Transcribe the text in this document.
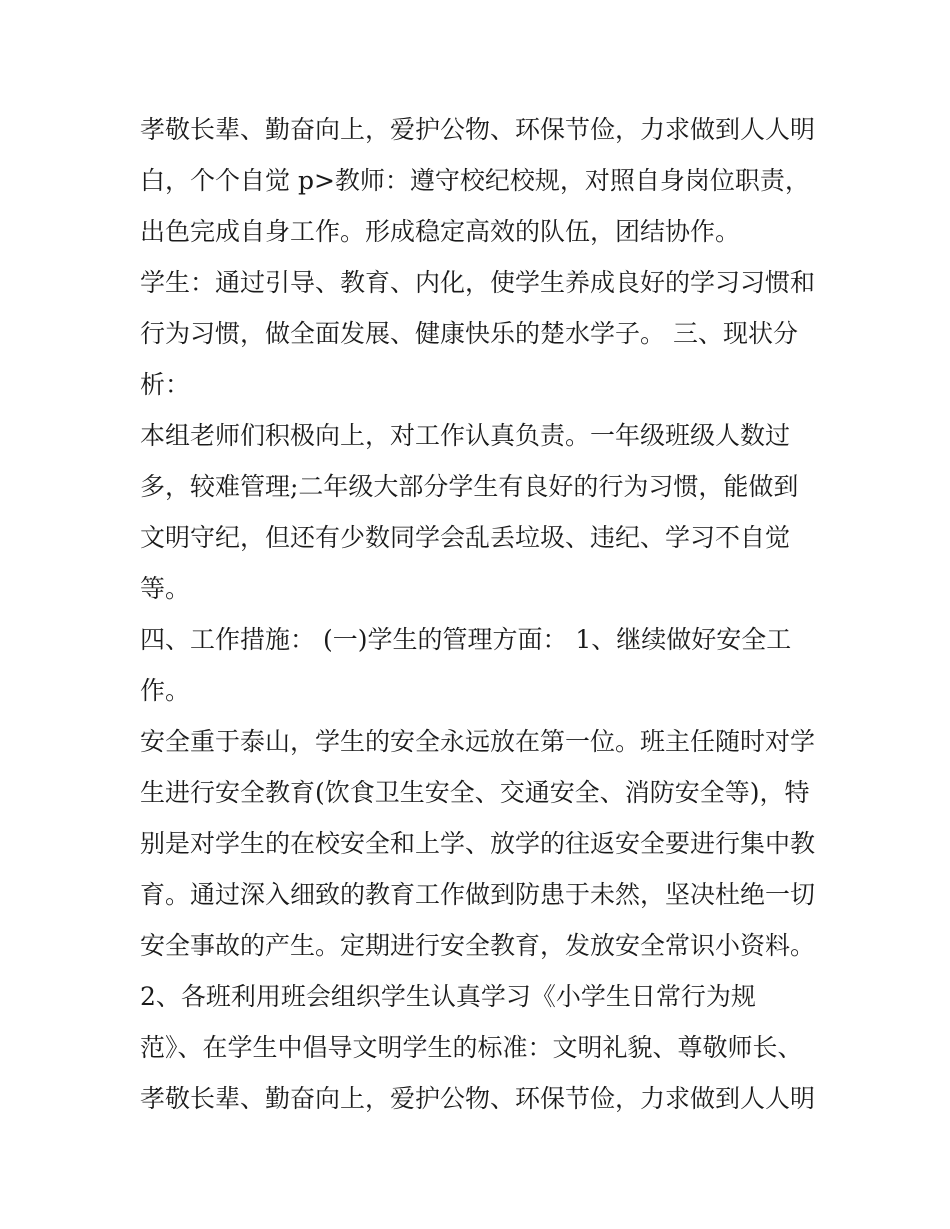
孝敬长辈、勤奋向上，爱护公物、环保节俭，力求做到人人明
白，个个自觉 p>教师：遵守校纪校规，对照自身岗位职责，
出色完成自身工作。形成稳定高效的队伍，团结协作。
学生：通过引导、教育、内化，使学生养成良好的学习习惯和
行为习惯，做全面发展、健康快乐的楚水学子。 三、现状分
析：
本组老师们积极向上，对工作认真负责。一年级班级人数过
多，较难管理;二年级大部分学生有良好的行为习惯，能做到
文明守纪，但还有少数同学会乱丢垃圾、违纪、学习不自觉
等。
四、工作措施： (一)学生的管理方面： 1、继续做好安全工
作。
安全重于泰山，学生的安全永远放在第一位。班主任随时对学
生进行安全教育(饮食卫生安全、交通安全、消防安全等)，特
别是对学生的在校安全和上学、放学的往返安全要进行集中教
育。通过深入细致的教育工作做到防患于未然，坚决杜绝一切
安全事故的产生。定期进行安全教育，发放安全常识小资料。
2、各班利用班会组织学生认真学习《小学生日常行为规
范》、在学生中倡导文明学生的标准：文明礼貌、尊敬师长、
孝敬长辈、勤奋向上，爱护公物、环保节俭，力求做到人人明
